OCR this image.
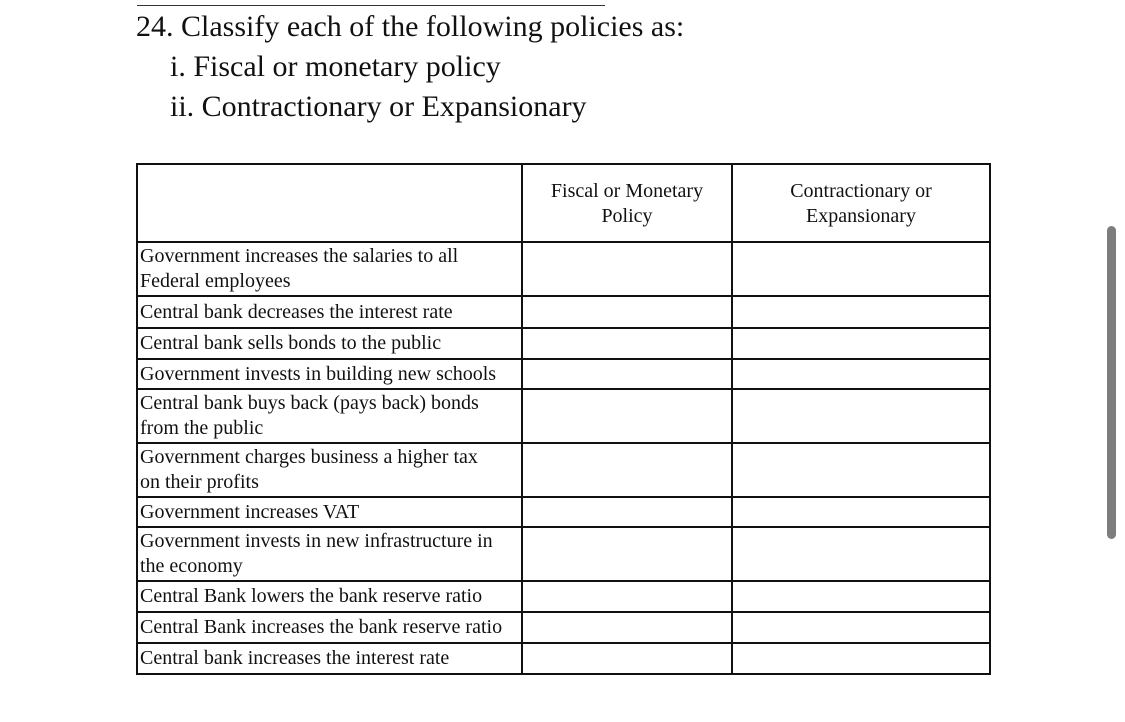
24. Classify each of the following policies as:
i. Fiscal or monetary policy
ii. Contractionary or Expansionary
	Fiscal or Monetary
Policy	Contractionary or
Expansionary
Government increases the salaries to all
Federal employees		
Central bank decreases the interest rate		
Central bank sells bonds to the public		
Government invests in building new schools		
Central bank buys back (pays back) bonds
from the public		
Government charges business a higher tax
on their profits		
Government increases VAT		
Government invests in new infrastructure in
the economy		
Central Bank lowers the bank reserve ratio		
Central Bank increases the bank reserve ratio		
Central bank increases the interest rate		
